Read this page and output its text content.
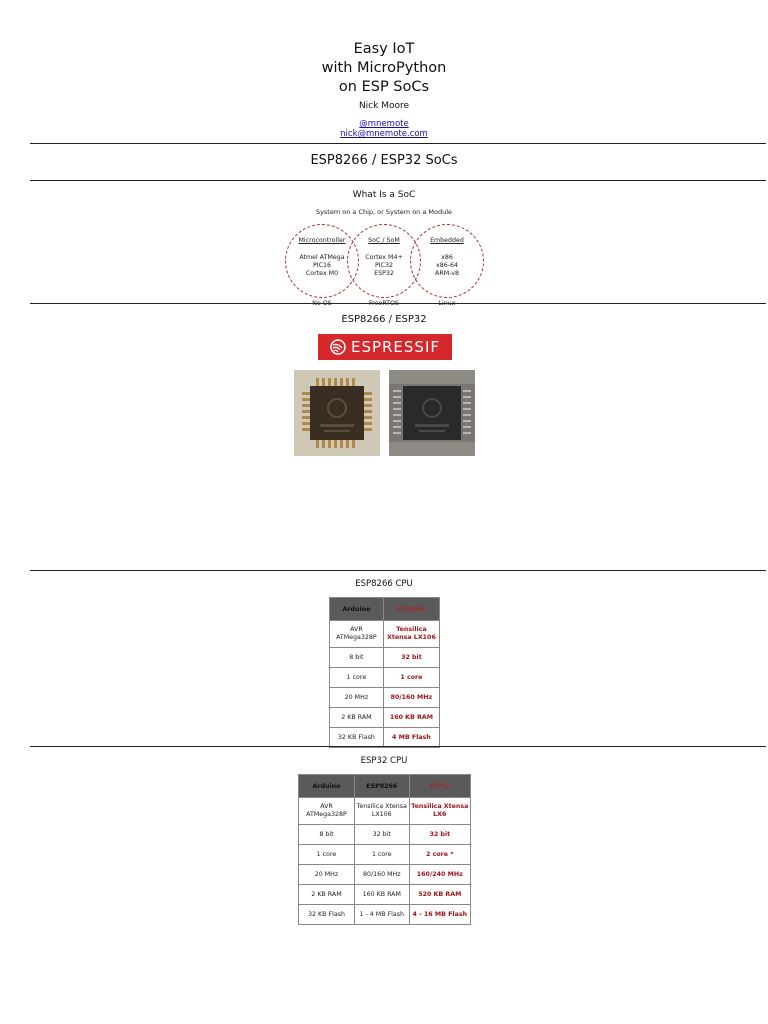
Easy IoT
with MicroPython
on ESP SoCs
Nick Moore
@mnemote
nick@mnemote.com
ESP8266 / ESP32 SoCs
What Is a SoC
System on a Chip, or System on a Module
Microcontroller
Atmel ATMega
PIC16
Cortex M0
SoC / SoM
Cortex M4+
PIC32
ESP32
Embedded
x86
x86-64
ARM-v8
No OS	FreeRTOS	Linux
ESP8266 / ESP32
ESPRESSIF
ESP8266 CPU
Arduino	ESP8266
AVR ATMega328P	Tensilica Xtensa LX106
8 bit	32 bit
1 core	1 core
20 MHz	80/160 MHz
2 KB RAM	160 KB RAM
32 KB Flash	4 MB Flash
ESP32 CPU
Arduino	ESP8266	ESP32
AVR ATMega328P	Tensilica Xtensa LX106	Tensilica Xtensa LX6
8 bit	32 bit	32 bit
1 core	1 core	2 core *
20 MHz	80/160 MHz	160/240 MHz
2 KB RAM	160 KB RAM	520 KB RAM
32 KB Flash	1 - 4 MB Flash	4 - 16 MB Flash
